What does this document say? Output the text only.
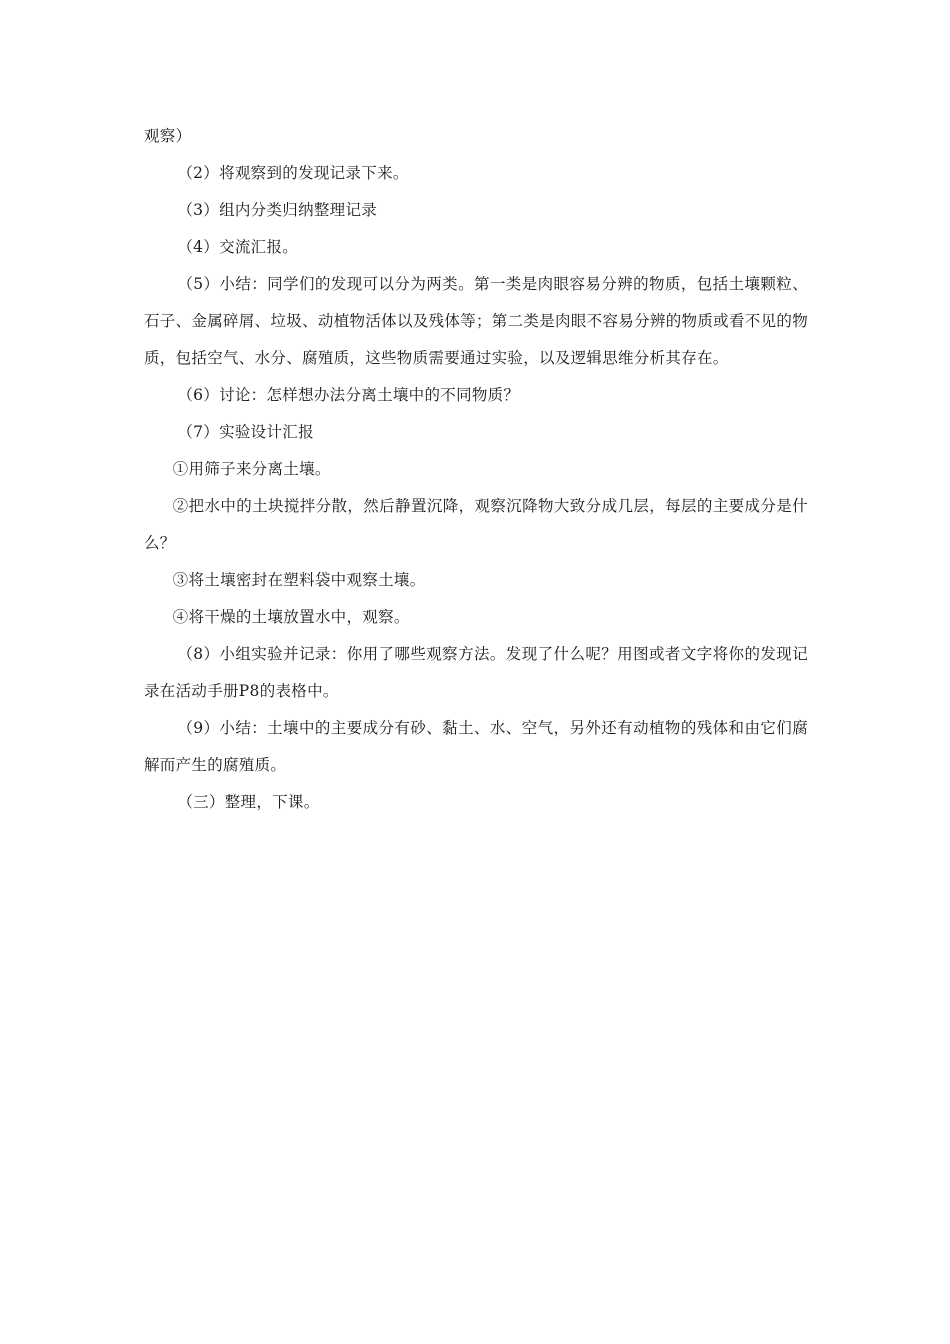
观察）

（2）将观察到的发现记录下来。

（3）组内分类归纳整理记录

（4）交流汇报。

（5）小结：同学们的发现可以分为两类。第一类是肉眼容易分辨的物质，包括土壤颗粒、石子、金属碎屑、垃圾、动植物活体以及残体等；第二类是肉眼不容易分辨的物质或看不见的物质，包括空气、水分、腐殖质，这些物质需要通过实验，以及逻辑思维分析其存在。

（6）讨论：怎样想办法分离土壤中的不同物质？

（7）实验设计汇报

①用筛子来分离土壤。

②把水中的土块搅拌分散，然后静置沉降，观察沉降物大致分成几层，每层的主要成分是什么？

③将土壤密封在塑料袋中观察土壤。

④将干燥的土壤放置水中，观察。

（8）小组实验并记录：你用了哪些观察方法。发现了什么呢？用图或者文字将你的发现记录在活动手册P8的表格中。

（9）小结：土壤中的主要成分有砂、黏土、水、空气，另外还有动植物的残体和由它们腐解而产生的腐殖质。

（三）整理，下课。
